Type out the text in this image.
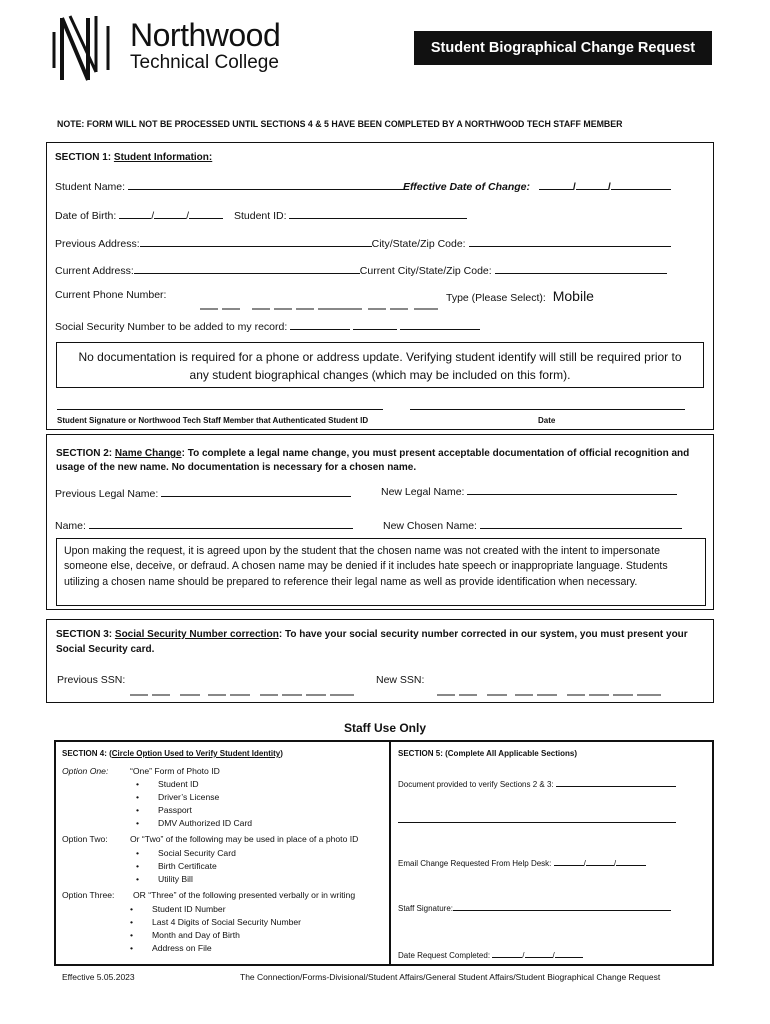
Northwood
Technical College
Student Biographical Change Request
NOTE: FORM WILL NOT BE PROCESSED UNTIL SECTIONS 4 & 5 HAVE BEEN COMPLETED BY A NORTHWOOD TECH STAFF MEMBER
SECTION 1: Student Information:
Student Name:	Effective Date of Change:	/	/
Date of Birth:	/	/	Student ID:
Previous Address:	City/State/Zip Code:
Current Address:	Current City/State/Zip Code:
Current Phone Number:	Type (Please Select): Mobile
Social Security Number to be added to my record:
No documentation is required for a phone or address update. Verifying student identify will still be required prior to any student biographical changes (which may be included on this form).
Student Signature or Northwood Tech Staff Member that Authenticated Student ID	Date
SECTION 2: Name Change: To complete a legal name change, you must present acceptable documentation of official recognition and usage of the new name. No documentation is necessary for a chosen name.
Previous Legal Name:	New Legal Name:
Name:	New Chosen Name:
Upon making the request, it is agreed upon by the student that the chosen name was not created with the intent to impersonate someone else, deceive, or defraud. A chosen name may be denied if it includes hate speech or inappropriate language. Students utilizing a chosen name should be prepared to reference their legal name as well as provide identification when necessary.
SECTION 3: Social Security Number correction: To have your social security number corrected in our system, you must present your Social Security card.
Previous SSN:	New SSN:
Staff Use Only
SECTION 4: (Circle Option Used to Verify Student Identity)
Option One:	“One” Form of Photo ID
• Student ID
• Driver’s License
• Passport
• DMV Authorized ID Card
Option Two:	Or “Two” of the following may be used in place of a photo ID
• Social Security Card
• Birth Certificate
• Utility Bill
Option Three: OR “Three” of the following presented verbally or in writing
• Student ID Number
• Last 4 Digits of Social Security Number
• Month and Day of Birth
• Address on File
SECTION 5: (Complete All Applicable Sections)
Document provided to verify Sections 2 & 3:
Email Change Requested From Help Desk:	/	/
Staff Signature:
Date Request Completed:	/	/
Effective 5.05.2023	The Connection/Forms-Divisional/Student Affairs/General Student Affairs/Student Biographical Change Request
